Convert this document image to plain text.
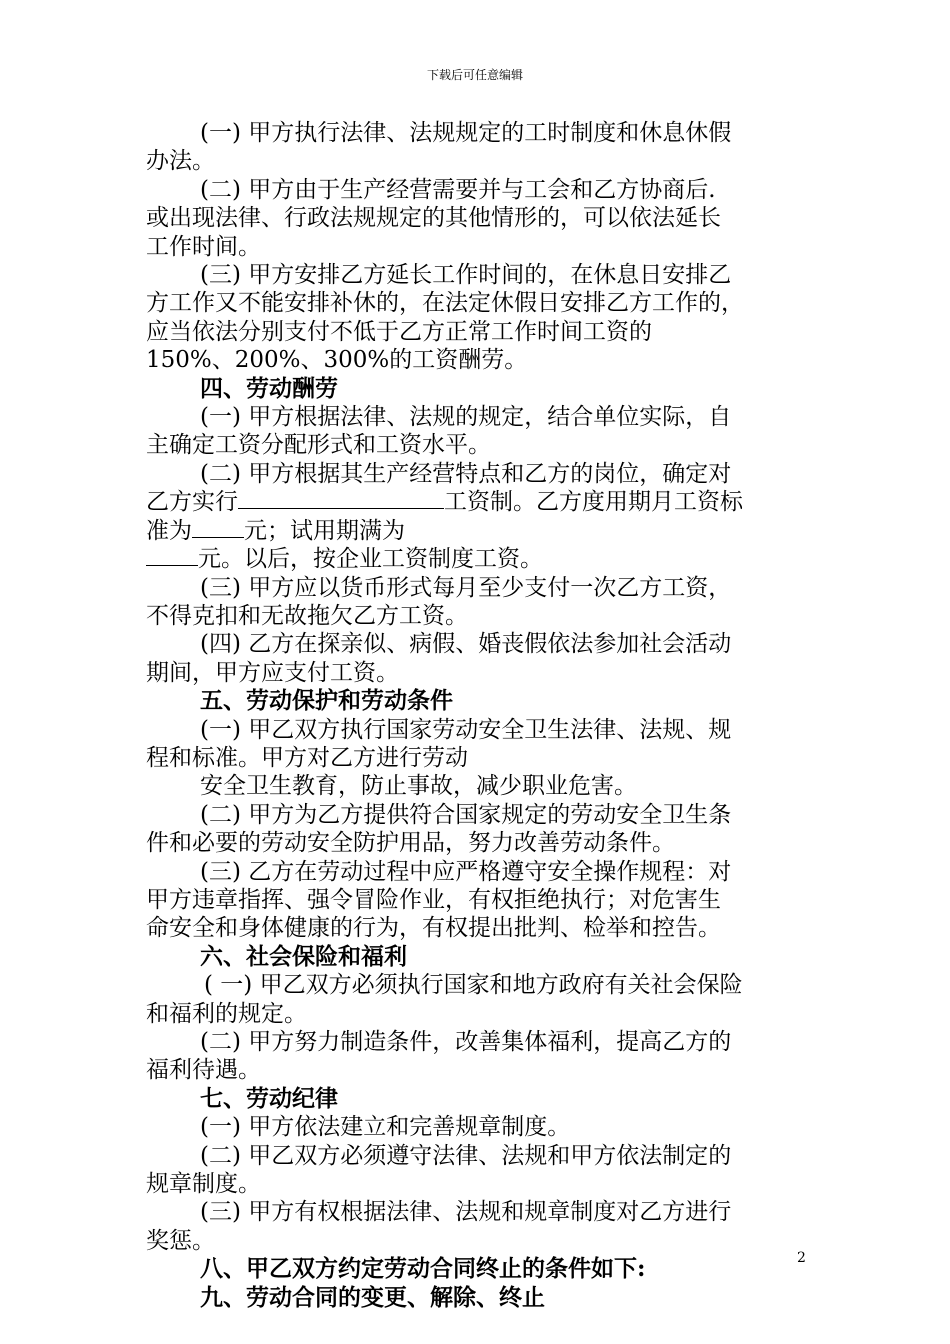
下载后可任意编辑

(一) 甲方执行法律、法规规定的工时制度和休息休假

办法。

(二) 甲方由于生产经营需要并与工会和乙方协商后.

或出现法律、行政法规规定的其他情形的，可以依法延长

工作时间。

(三) 甲方安排乙方延长工作时间的，在休息日安排乙

方工作又不能安排补休的，在法定休假日安排乙方工作的，

应当依法分别支付不低于乙方正常工作时间工资的

150%、200%、300%的工资酬劳。

四、劳动酬劳

(一) 甲方根据法律、法规的规定，结合单位实际，自

主确定工资分配形式和工资水平。

(二) 甲方根据其生产经营特点和乙方的岗位，确定对

乙方实行	工资制。乙方度用期月工资标

准为 元；试用期满为

元。以后，按企业工资制度工资。

(三) 甲方应以货币形式每月至少支付一次乙方工资，

不得克扣和无故拖欠乙方工资。

(四) 乙方在探亲似、病假、婚丧假依法参加社会活动

期间，甲方应支付工资。

五、劳动保护和劳动条件

(一) 甲乙双方执行国家劳动安全卫生法律、法规、规

程和标准。甲方对乙方进行劳动

安全卫生教育，防止事故，减少职业危害。

(二) 甲方为乙方提供符合国家规定的劳动安全卫生条

件和必要的劳动安全防护用品，努力改善劳动条件。

(三) 乙方在劳动过程中应严格遵守安全操作规程：对

甲方违章指挥、强令冒险作业，有权拒绝执行；对危害生

命安全和身体健康的行为，有权提出批判、检举和控告。

六、社会保险和福利

( 一) 甲乙双方必须执行国家和地方政府有关社会保险

和福利的规定。

(二) 甲方努力制造条件，改善集体福利，提高乙方的

福利待遇。

七、劳动纪律

(一) 甲方依法建立和完善规章制度。

(二) 甲乙双方必须遵守法律、法规和甲方依法制定的

规章制度。

(三) 甲方有权根据法律、法规和规章制度对乙方进行

奖惩。

八、甲乙双方约定劳动合同终止的条件如下:

九、劳动合同的变更、解除、终止

2
